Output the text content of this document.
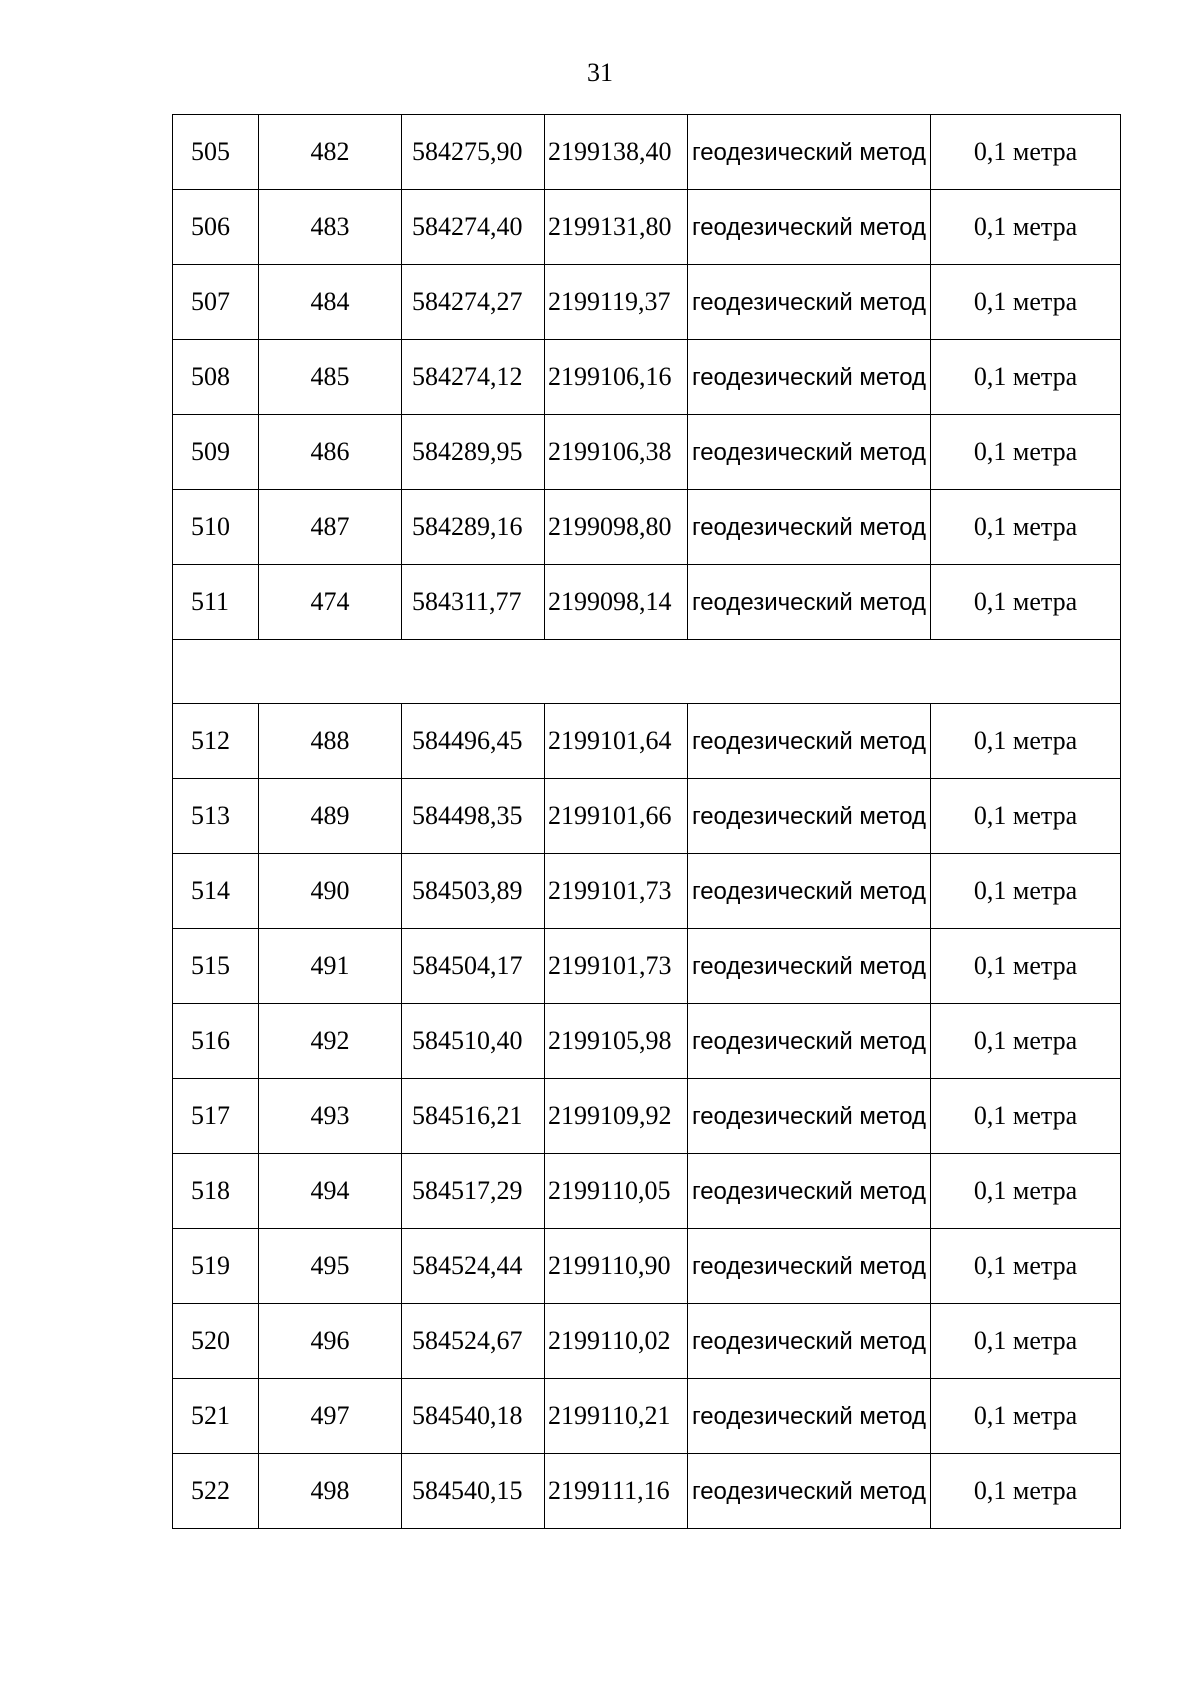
31
505	482	584275,90	2199138,40	геодезический метод	0,1 метра
506	483	584274,40	2199131,80	геодезический метод	0,1 метра
507	484	584274,27	2199119,37	геодезический метод	0,1 метра
508	485	584274,12	2199106,16	геодезический метод	0,1 метра
509	486	584289,95	2199106,38	геодезический метод	0,1 метра
510	487	584289,16	2199098,80	геодезический метод	0,1 метра
511	474	584311,77	2199098,14	геодезический метод	0,1 метра

512	488	584496,45	2199101,64	геодезический метод	0,1 метра
513	489	584498,35	2199101,66	геодезический метод	0,1 метра
514	490	584503,89	2199101,73	геодезический метод	0,1 метра
515	491	584504,17	2199101,73	геодезический метод	0,1 метра
516	492	584510,40	2199105,98	геодезический метод	0,1 метра
517	493	584516,21	2199109,92	геодезический метод	0,1 метра
518	494	584517,29	2199110,05	геодезический метод	0,1 метра
519	495	584524,44	2199110,90	геодезический метод	0,1 метра
520	496	584524,67	2199110,02	геодезический метод	0,1 метра
521	497	584540,18	2199110,21	геодезический метод	0,1 метра
522	498	584540,15	2199111,16	геодезический метод	0,1 метра
